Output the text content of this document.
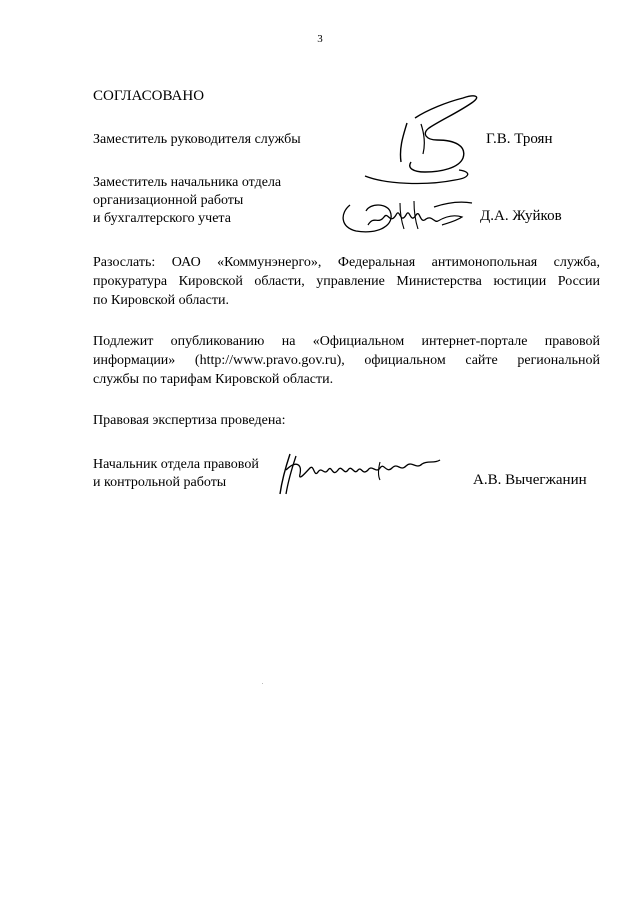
3
СОГЛАСОВАНО
Заместитель руководителя службы	Г.В. Троян
Заместитель начальника отдела
организационной работы
и бухгалтерского учета	Д.А. Жуйков
Разослать: ОАО «Коммунэнерго», Федеральная антимонопольная служба,
прокуратура Кировской области, управление Министерства юстиции России
по Кировской области.
Подлежит опубликованию на «Официальном интернет-портале правовой
информации» (http://www.pravo.gov.ru), официальном сайте региональной
службы по тарифам Кировской области.
Правовая экспертиза проведена:
Начальник отдела правовой
и контрольной работы	А.В. Вычегжанин
